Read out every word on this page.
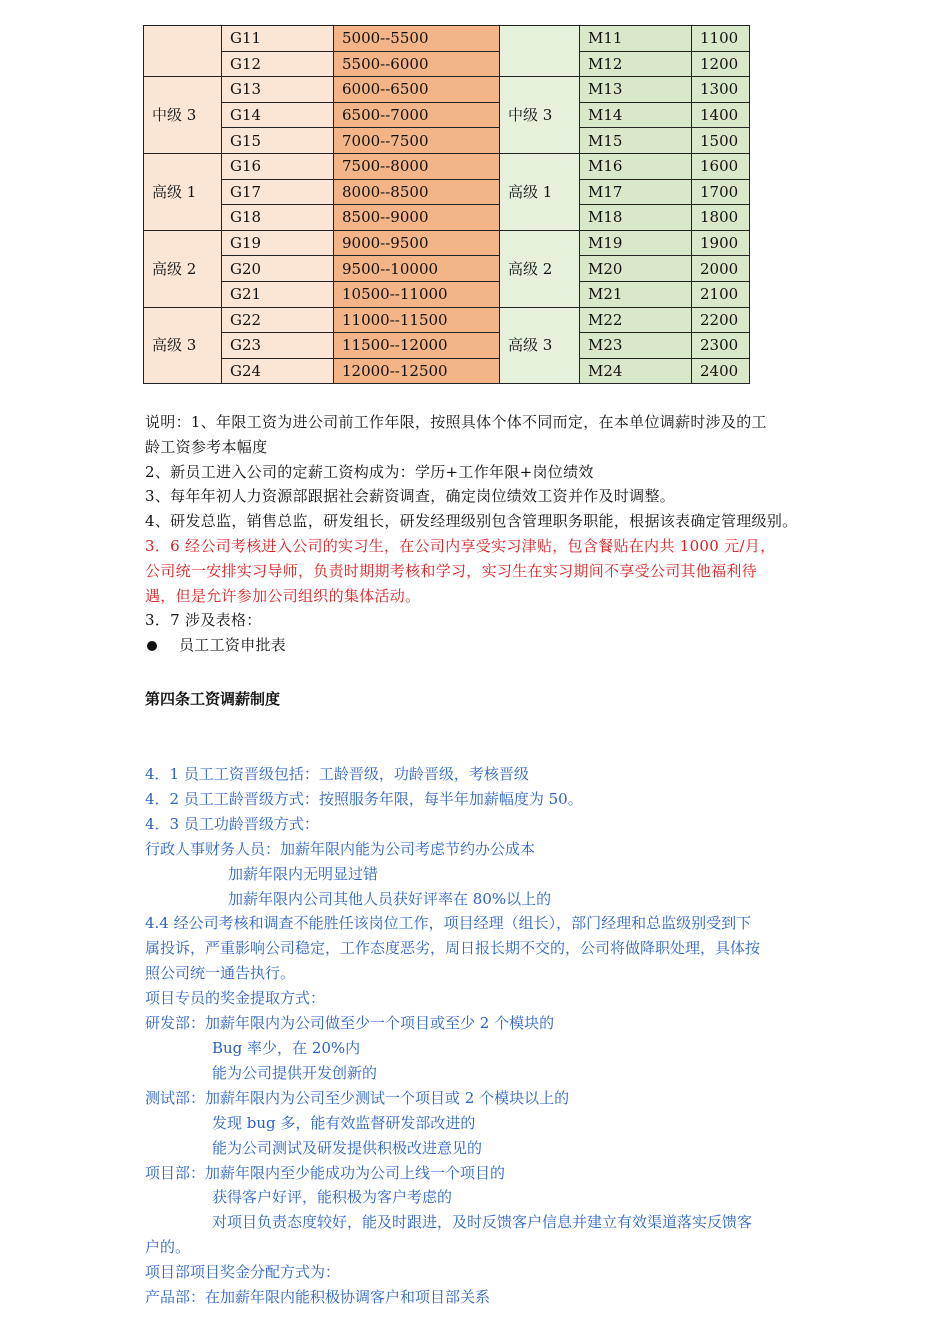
	G11	5000--5500		M11	1100
	G12	5500--6000		M12	1200
中级 3	G13	6000--6500	中级 3	M13	1300
	G14	6500--7000		M14	1400
	G15	7000--7500		M15	1500
高级 1	G16	7500--8000	高级 1	M16	1600
	G17	8000--8500		M17	1700
	G18	8500--9000		M18	1800
高级 2	G19	9000--9500	高级 2	M19	1900
	G20	9500--10000		M20	2000
	G21	10500--11000		M21	2100
高级 3	G22	11000--11500	高级 3	M22	2200
	G23	11500--12000		M23	2300
	G24	12000--12500		M24	2400
说明：1、年限工资为进公司前工作年限，按照具体个体不同而定，在本单位调薪时涉及的工
龄工资参考本幅度
2、新员工进入公司的定薪工资构成为：学历+工作年限+岗位绩效
3、每年年初人力资源部跟据社会薪资调查，确定岗位绩效工资并作及时调整。
4、研发总监，销售总监，研发组长，研发经理级别包含管理职务职能，根据该表确定管理级别。
3．6 经公司考核进入公司的实习生，在公司内享受实习津贴，包含餐贴在内共 1000 元/月，
公司统一安排实习导师，负责时期期考核和学习，实习生在实习期间不享受公司其他福利待
遇，但是允许参加公司组织的集体活动。
3．7 涉及表格：
员工工资申批表
第四条工资调薪制度
4．1 员工工资晋级包括：工龄晋级，功龄晋级，考核晋级
4．2 员工工龄晋级方式：按照服务年限，每半年加薪幅度为 50。
4．3 员工功龄晋级方式：
行政人事财务人员：加薪年限内能为公司考虑节约办公成本
加薪年限内无明显过错
加薪年限内公司其他人员获好评率在 80%以上的
4.4 经公司考核和调查不能胜任该岗位工作，项目经理（组长），部门经理和总监级别受到下
属投诉，严重影响公司稳定，工作态度恶劣，周日报长期不交的，公司将做降职处理，具体按
照公司统一通告执行。
项目专员的奖金提取方式：
研发部：加薪年限内为公司做至少一个项目或至少 2 个模块的
Bug 率少，在 20%内
能为公司提供开发创新的
测试部：加薪年限内为公司至少测试一个项目或 2 个模块以上的
发现 bug 多，能有效监督研发部改进的
能为公司测试及研发提供积极改进意见的
项目部：加薪年限内至少能成功为公司上线一个项目的
获得客户好评，能积极为客户考虑的
对项目负责态度较好，能及时跟进，及时反馈客户信息并建立有效渠道落实反馈客
户的。
项目部项目奖金分配方式为：
产品部：在加薪年限内能积极协调客户和项目部关系
